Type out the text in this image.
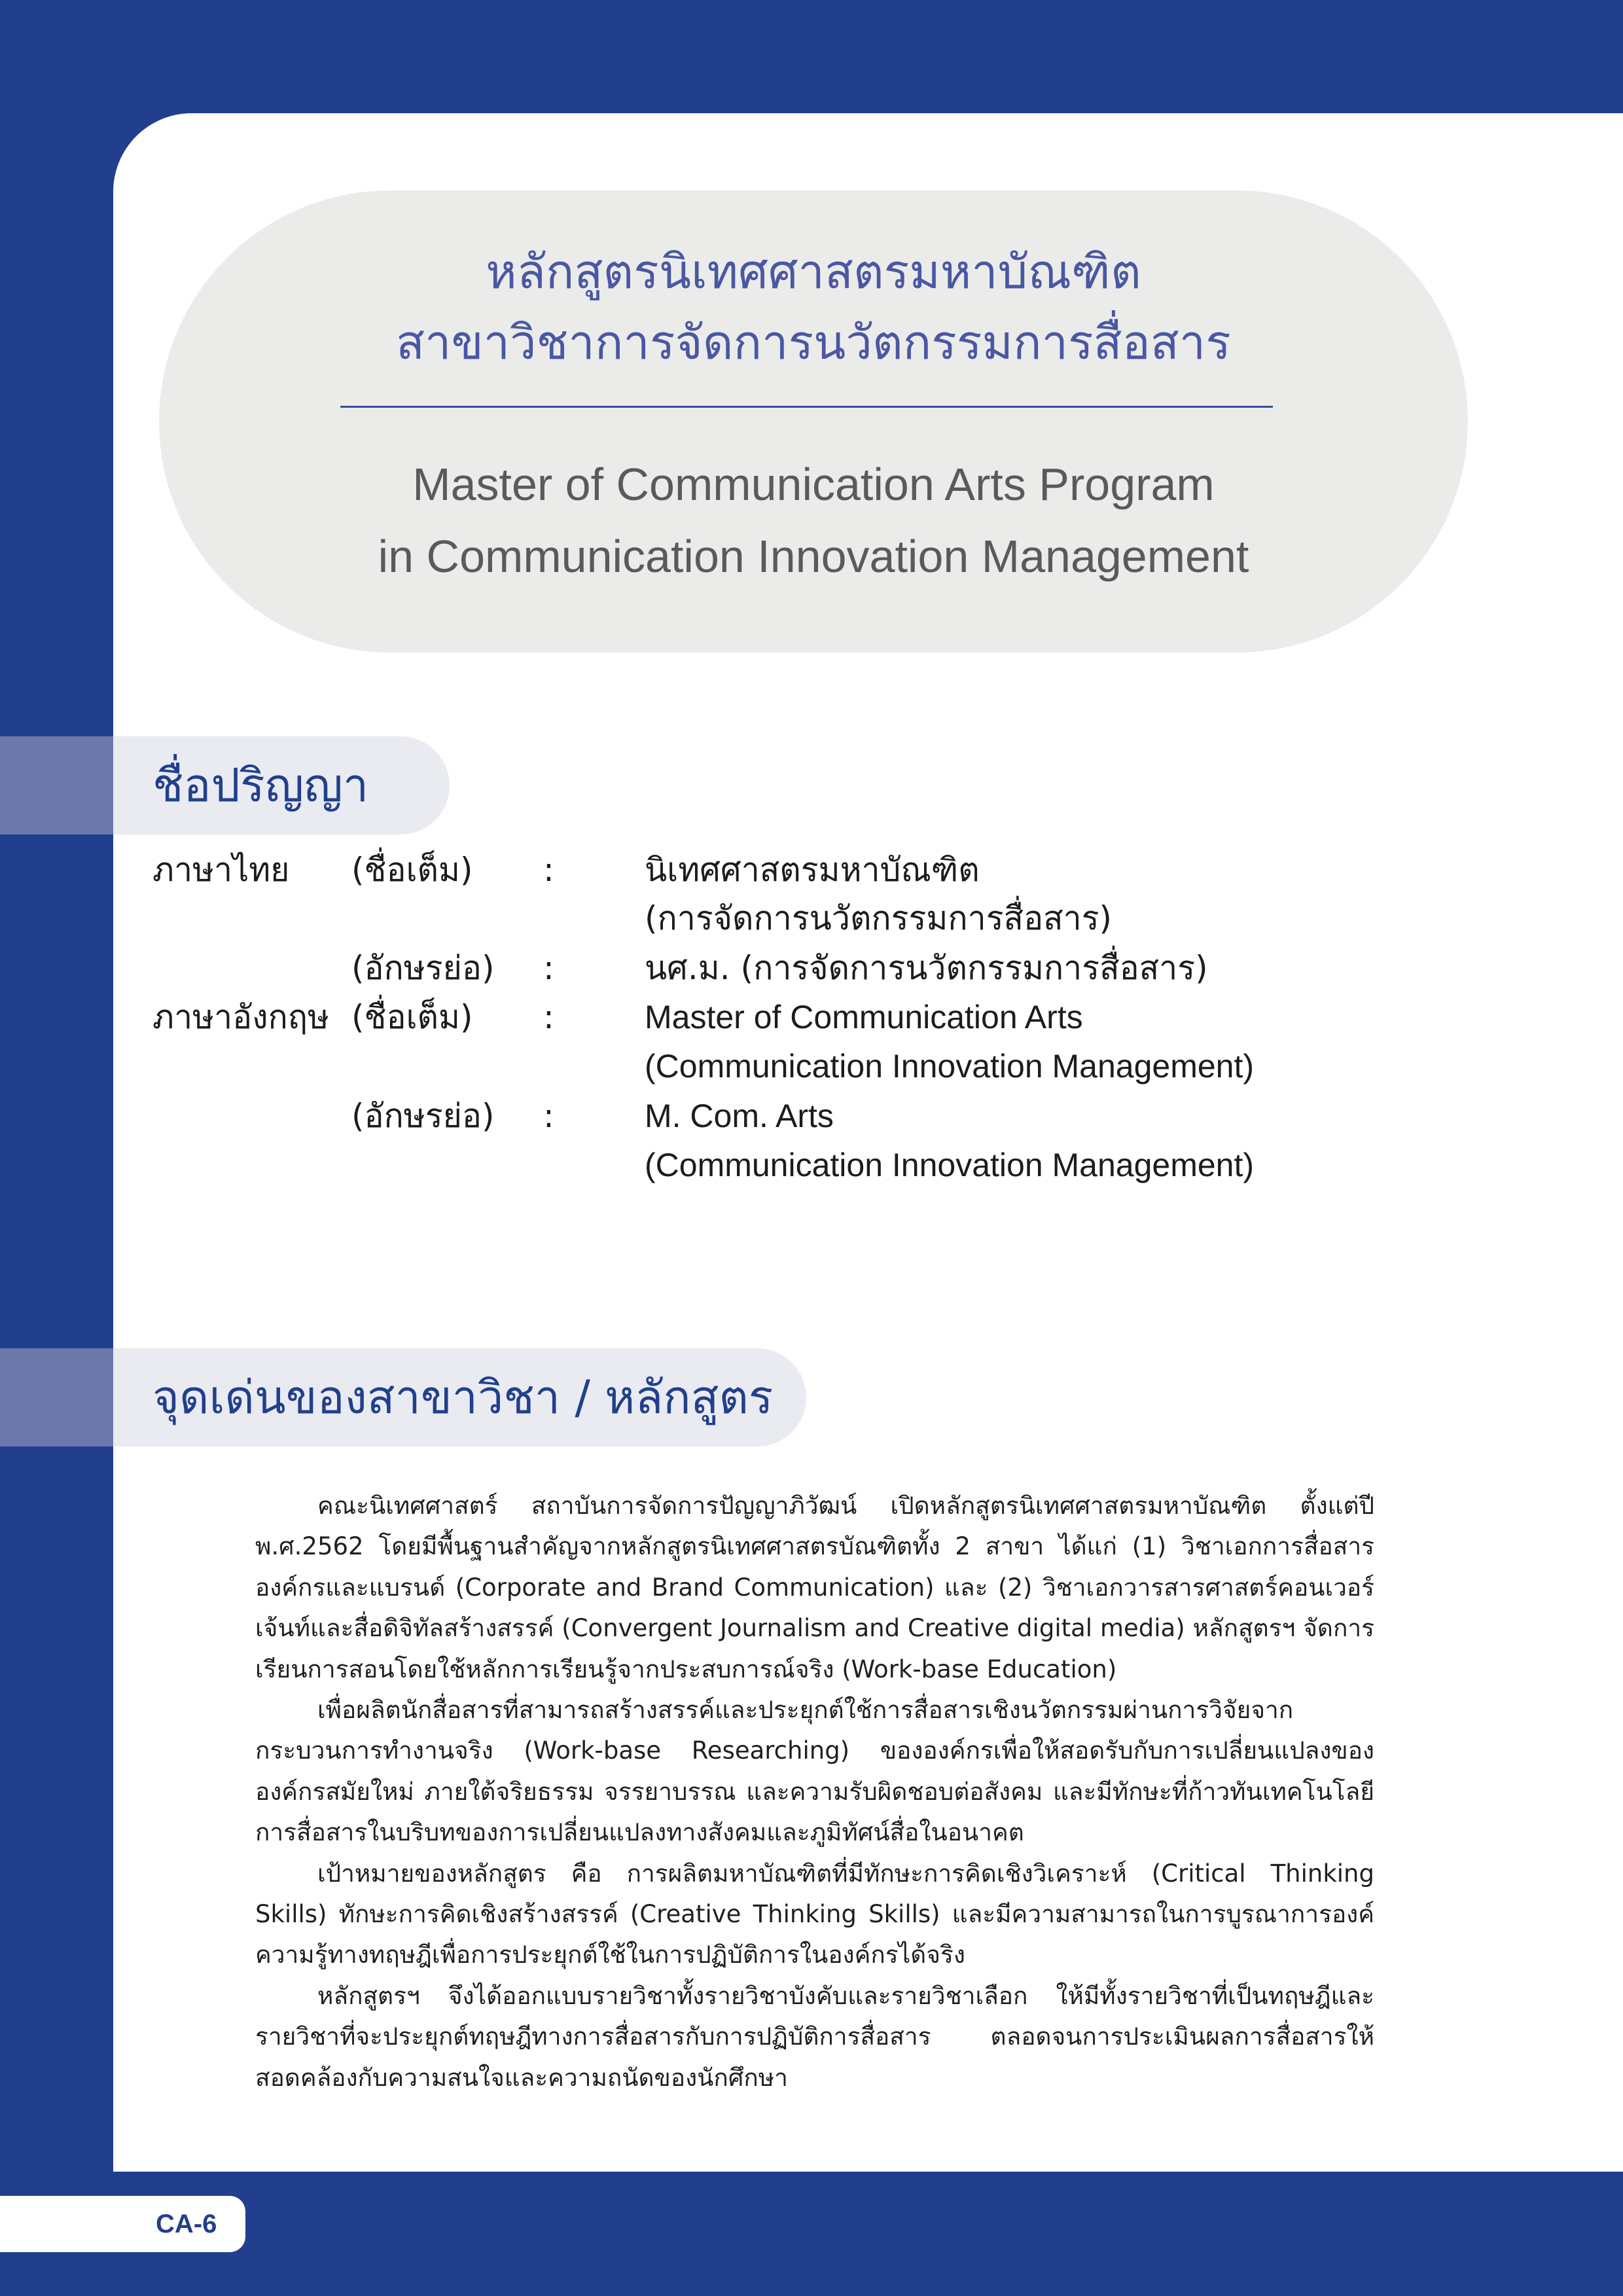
หลักสูตรนิเทศศาสตรมหาบัณฑิต
สาขาวิชาการจัดการนวัตกรรมการสื่อสาร
Master of Communication Arts Program
in Communication Innovation Management
ชื่อปริญญา
ภาษาไทย (ชื่อเต็ม) :	นิเทศศาสตรมหาบัณฑิต
(การจัดการนวัตกรรมการสื่อสาร)
(อักษรย่อ) :	นศ.ม. (การจัดการนวัตกรรมการสื่อสาร)
ภาษาอังกฤษ (ชื่อเต็ม) :	Master of Communication Arts
(Communication Innovation Management)
(อักษรย่อ) :	M. Com. Arts
(Communication Innovation Management)
จุดเด่นของสาขาวิชา / หลักสูตร

คณะนิเทศศาสตร์ สถาบันการจัดการปัญญาภิวัฒน์ เปิดหลักสูตรนิเทศศาสตรมหาบัณฑิต ตั้งแต่ปี พ.ศ.2562 โดยมีพื้นฐานสำคัญจากหลักสูตรนิเทศศาสตรบัณฑิตทั้ง 2 สาขา ได้แก่ (1) วิชาเอกการสื่อสารองค์กรและแบรนด์ (Corporate and Brand Communication) และ (2) วิชาเอกวารสารศาสตร์คอนเวอร์เจ้นท์และสื่อดิจิทัลสร้างสรรค์ (Convergent Journalism and Creative digital media) หลักสูตรฯ จัดการเรียนการสอนโดยใช้หลักการเรียนรู้จากประสบการณ์จริง (Work-base Education)

เพื่อผลิตนักสื่อสารที่สามารถสร้างสรรค์และประยุกต์ใช้การสื่อสารเชิงนวัตกรรมผ่านการวิจัยจากกระบวนการทำงานจริง (Work-base Researching) ขององค์กรเพื่อให้สอดรับกับการเปลี่ยนแปลงขององค์กรสมัยใหม่ ภายใต้จริยธรรม จรรยาบรรณ และความรับผิดชอบต่อสังคม และมีทักษะที่ก้าวทันเทคโนโลยีการสื่อสารในบริบทของการเปลี่ยนแปลงทางสังคมและภูมิทัศน์สื่อในอนาคต

เป้าหมายของหลักสูตร คือ การผลิตมหาบัณฑิตที่มีทักษะการคิดเชิงวิเคราะห์ (Critical Thinking Skills) ทักษะการคิดเชิงสร้างสรรค์ (Creative Thinking Skills) และมีความสามารถในการบูรณาการองค์ความรู้ทางทฤษฎีเพื่อการประยุกต์ใช้ในการปฏิบัติการในองค์กรได้จริง

หลักสูตรฯ จึงได้ออกแบบรายวิชาทั้งรายวิชาบังคับและรายวิชาเลือก ให้มีทั้งรายวิชาที่เป็นทฤษฎีและรายวิชาที่จะประยุกต์ทฤษฎีทางการสื่อสารกับการปฏิบัติการสื่อสาร ตลอดจนการประเมินผลการสื่อสารให้สอดคล้องกับความสนใจและความถนัดของนักศึกษา

CA-6
